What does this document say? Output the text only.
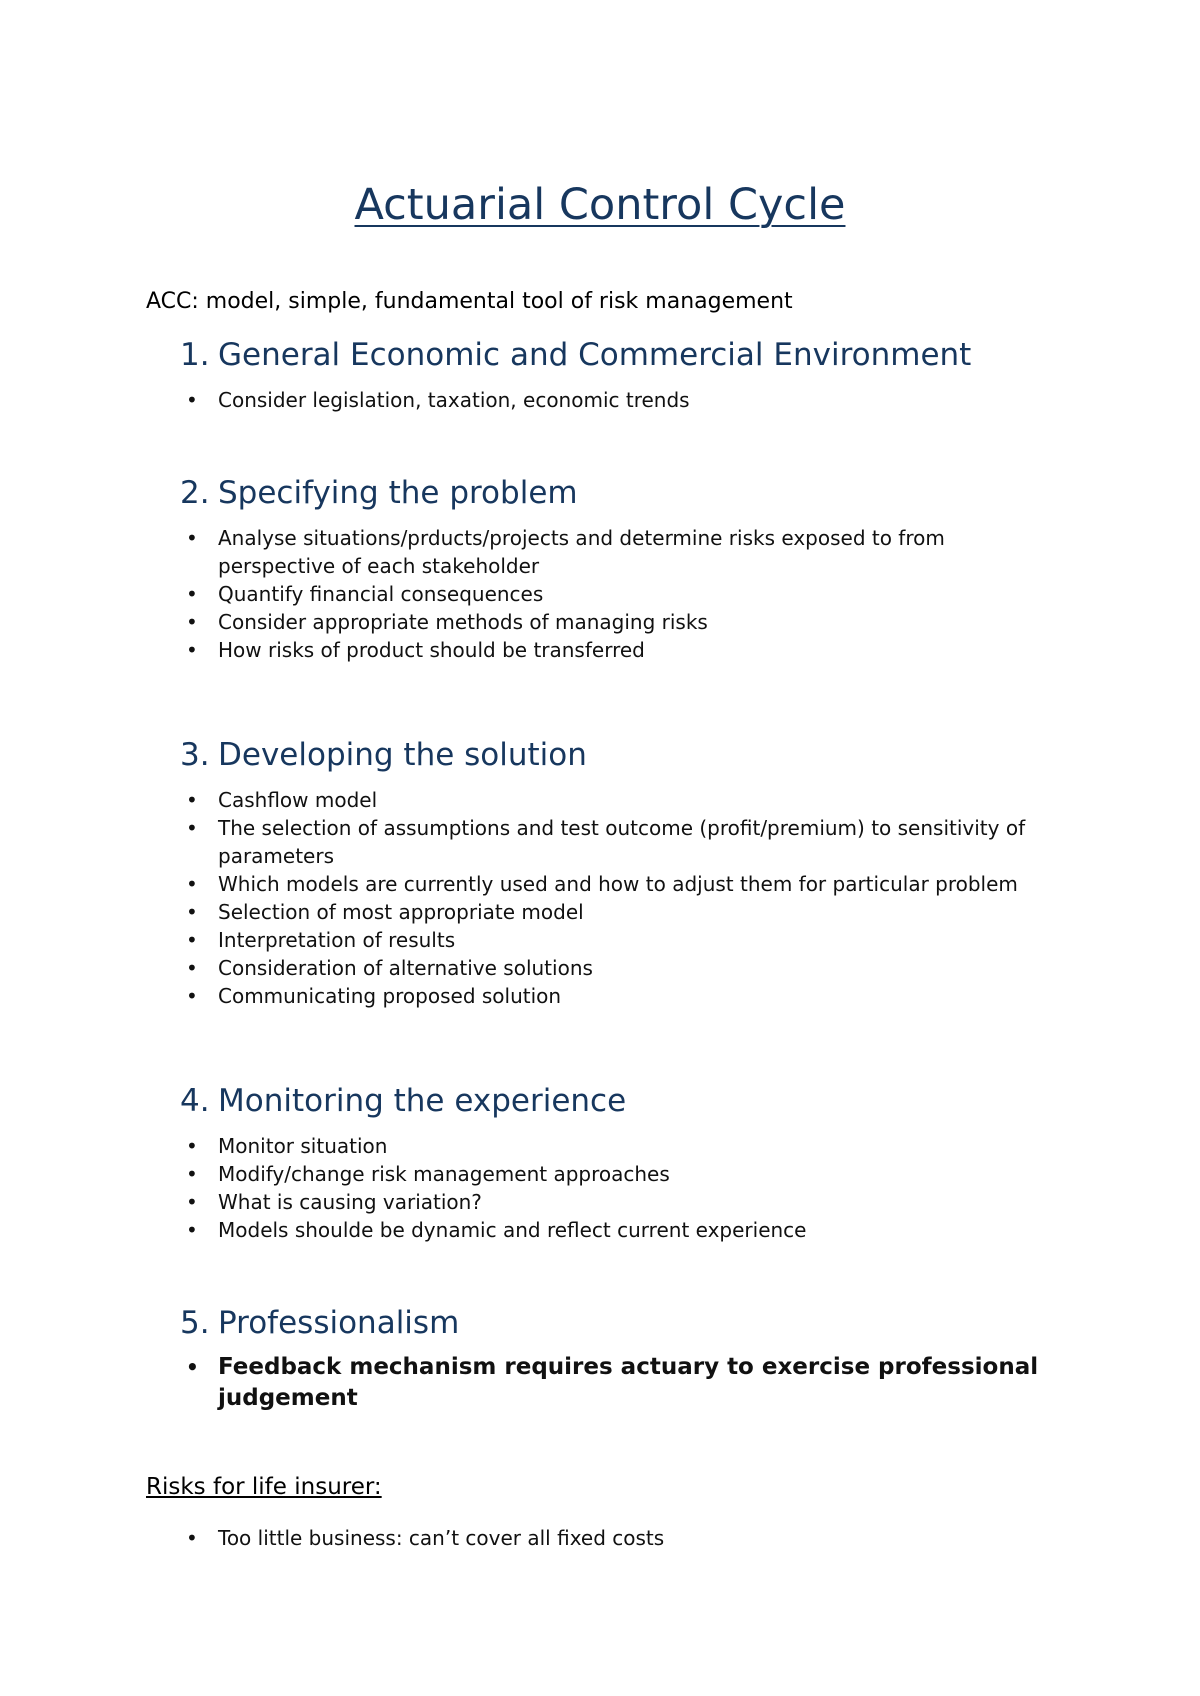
Actuarial Control Cycle

ACC: model, simple, fundamental tool of risk management

1. General Economic and Commercial Environment
• Consider legislation, taxation, economic trends
2. Specifying the problem
• Analyse situations/prducts/projects and determine risks exposed to from perspective of each stakeholder
• Quantify financial consequences
• Consider appropriate methods of managing risks
• How risks of product should be transferred
3. Developing the solution
• Cashflow model
• The selection of assumptions and test outcome (profit/premium) to sensitivity of parameters
• Which models are currently used and how to adjust them for particular problem
• Selection of most appropriate model
• Interpretation of results
• Consideration of alternative solutions
• Communicating proposed solution
4. Monitoring the experience
• Monitor situation
• Modify/change risk management approaches
• What is causing variation?
• Models shoulde be dynamic and reflect current experience
5. Professionalism
• Feedback mechanism requires actuary to exercise professional judgement

Risks for life insurer:

• Too little business: can’t cover all fixed costs
